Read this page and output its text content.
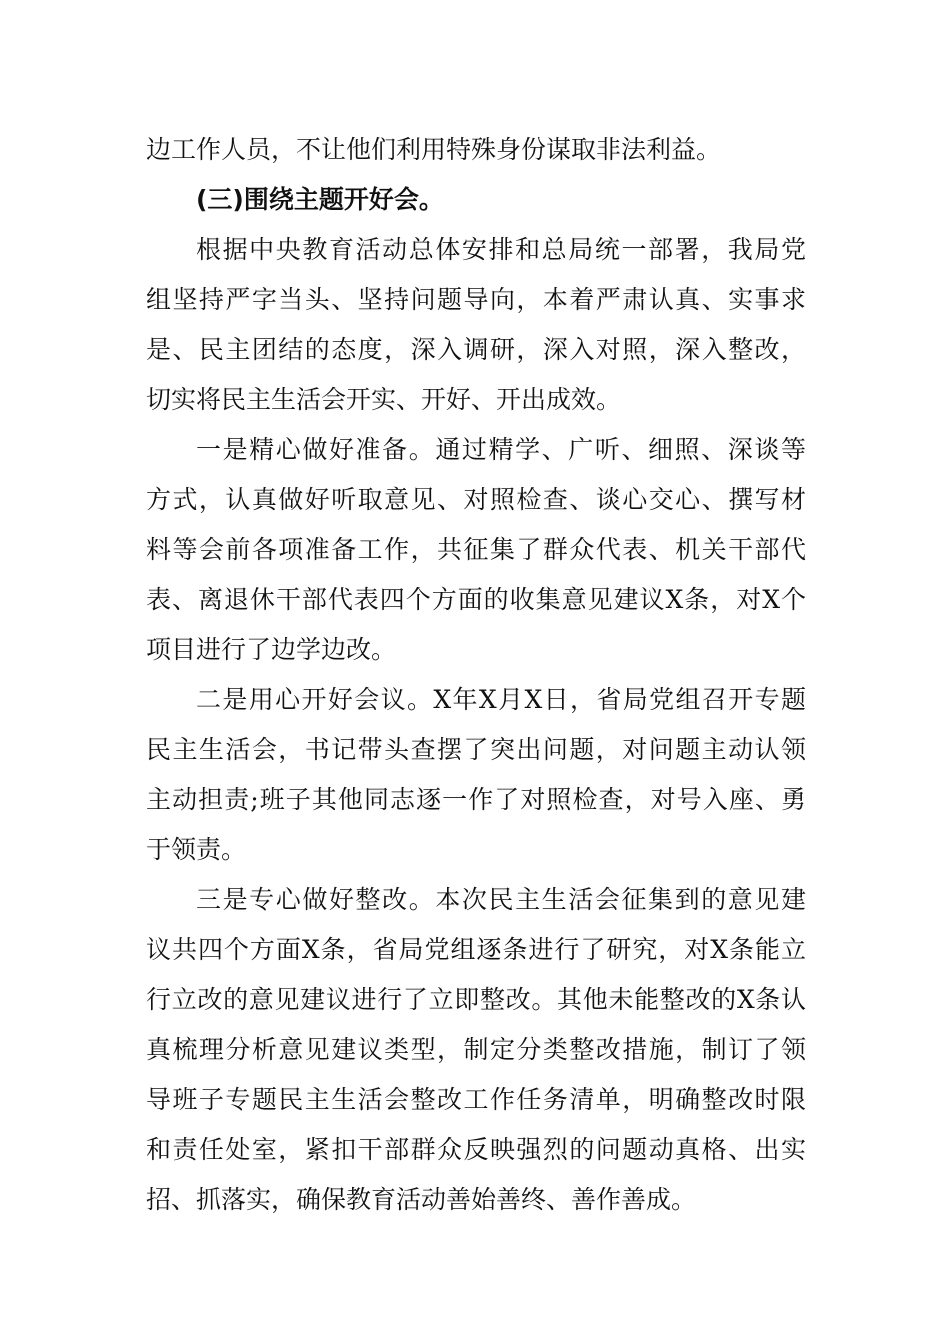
边工作人员，不让他们利用特殊身份谋取非法利益。
(三)围绕主题开好会。
根据中央教育活动总体安排和总局统一部署，我局党
组坚持严字当头、坚持问题导向，本着严肃认真、实事求
是、民主团结的态度，深入调研，深入对照，深入整改，
切实将民主生活会开实、开好、开出成效。
一是精心做好准备。通过精学、广听、细照、深谈等
方式，认真做好听取意见、对照检查、谈心交心、撰写材
料等会前各项准备工作，共征集了群众代表、机关干部代
表、离退休干部代表四个方面的收集意见建议X条，对X个
项目进行了边学边改。
二是用心开好会议。X年X月X日，省局党组召开专题
民主生活会，书记带头查摆了突出问题，对问题主动认领
主动担责;班子其他同志逐一作了对照检查，对号入座、勇
于领责。
三是专心做好整改。本次民主生活会征集到的意见建
议共四个方面X条，省局党组逐条进行了研究，对X条能立
行立改的意见建议进行了立即整改。其他未能整改的X条认
真梳理分析意见建议类型，制定分类整改措施，制订了领
导班子专题民主生活会整改工作任务清单，明确整改时限
和责任处室，紧扣干部群众反映强烈的问题动真格、出实
招、抓落实，确保教育活动善始善终、善作善成。
